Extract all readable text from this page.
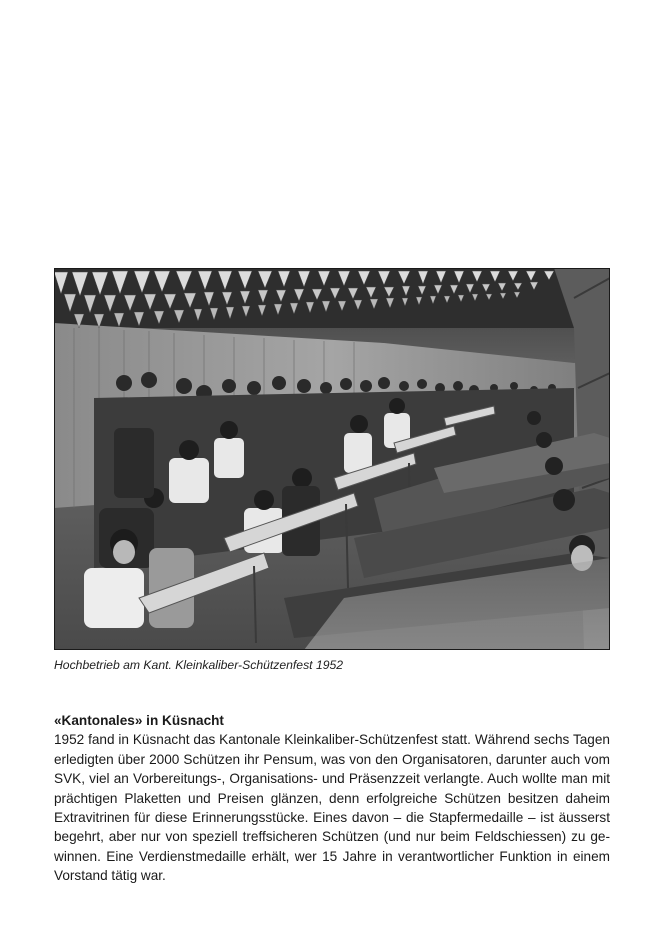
Hochbetrieb am Kant. Kleinkaliber-Schützenfest 1952

«Kantonales» in Küsnacht

1952 fand in Küsnacht das Kantonale Kleinkaliber-Schützenfest statt. Während sechs Tagen
erledigten über 2000 Schützen ihr Pensum, was von den Organisatoren, darunter auch vom
SVK, viel an Vorbereitungs-, Organisations- und Präsenzzeit verlangte. Auch wollte man mit
prächtigen Plaketten und Preisen glänzen, denn erfolgreiche Schützen besitzen daheim
Extravitrinen für diese Erinnerungsstücke. Eines davon – die Stapfermedaille – ist äusserst
begehrt, aber nur von speziell treffsicheren Schützen (und nur beim Feldschiessen) zu ge-
winnen. Eine Verdienstmedaille erhält, wer 15 Jahre in verantwortlicher Funktion in einem
Vorstand tätig war.
